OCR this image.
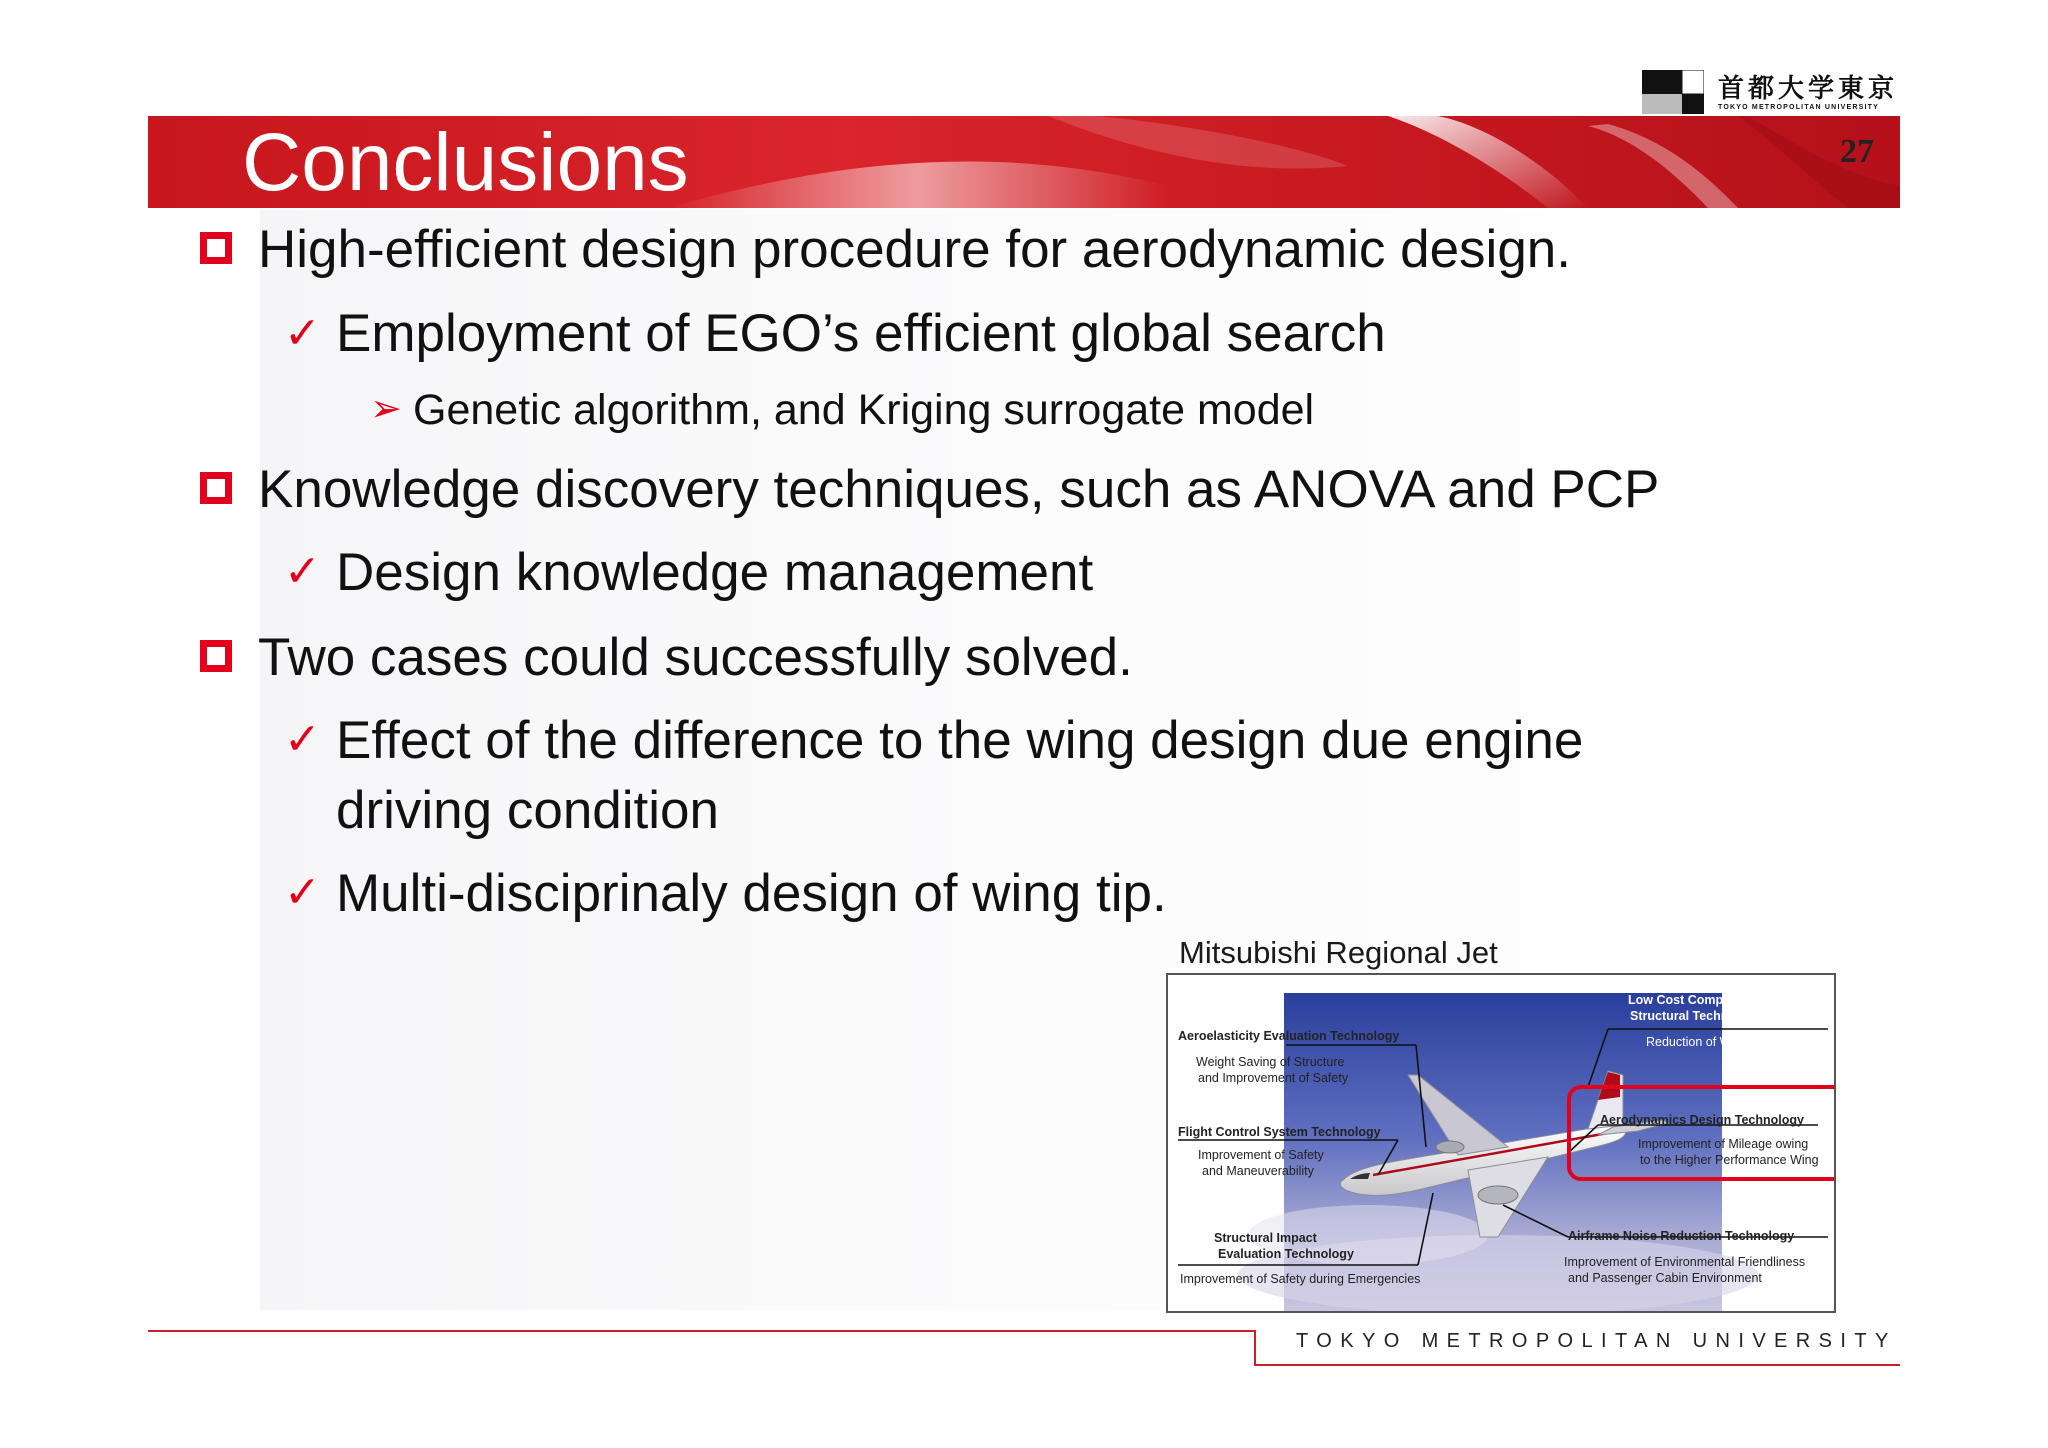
Conclusions	27
首都大学東京
TOKYO METROPOLITAN UNIVERSITY
High-efficient design procedure for aerodynamic design.
✓ Employment of EGO’s efficient global search
➢ Genetic algorithm, and Kriging surrogate model
Knowledge discovery techniques, such as ANOVA and PCP
✓ Design knowledge management
Two cases could successfully solved.
✓ Effect of the difference to the wing design due engine
driving condition
✓ Multi-disciprinaly design of wing tip.
Mitsubishi Regional Jet
Aeroelasticity Evaluation Technology
Weight Saving of Structure
and Improvement of Safety
Flight Control System Technology
Improvement of Safety
and Maneuverability
Structural Impact
Evaluation Technology
Improvement of Safety during Emergencies
Low Cost Composite Material
Structural Technology
Reduction of Weight and Cost
Aerodynamics Design Technology
Improvement of Mileage owing
to the Higher Performance Wing
Airframe Noise Reduction Technology
Improvement of Environmental Friendliness
and Passenger Cabin Environment
TOKYO METROPOLITAN UNIVERSITY
